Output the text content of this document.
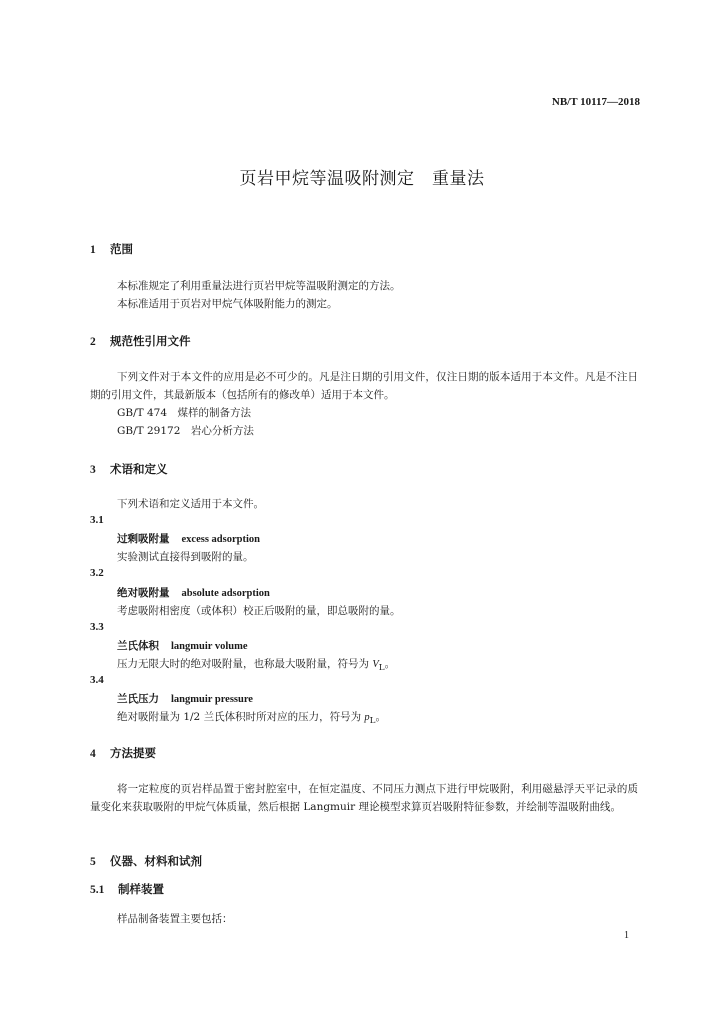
NB/T 10117—2018
页岩甲烷等温吸附测定　重量法
1 范围
本标准规定了利用重量法进行页岩甲烷等温吸附测定的方法。
本标准适用于页岩对甲烷气体吸附能力的测定。
2 规范性引用文件
下列文件对于本文件的应用是必不可少的。凡是注日期的引用文件，仅注日期的版本适用于本文件。凡是不注日期的引用文件，其最新版本（包括所有的修改单）适用于本文件。
GB/T 474　煤样的制备方法
GB/T 29172　岩心分析方法
3 术语和定义
下列术语和定义适用于本文件。
3.1
过剩吸附量 excess adsorption
实验测试直接得到吸附的量。
3.2
绝对吸附量 absolute adsorption
考虑吸附相密度（或体积）校正后吸附的量，即总吸附的量。
3.3
兰氏体积 langmuir volume
压力无限大时的绝对吸附量，也称最大吸附量，符号为 $V_L$。
3.4
兰氏压力 langmuir pressure
绝对吸附量为 1/2 兰氏体积时所对应的压力，符号为 $p_L$。
4 方法提要
将一定粒度的页岩样品置于密封腔室中，在恒定温度、不同压力测点下进行甲烷吸附，利用磁悬浮天平记录的质量变化来获取吸附的甲烷气体质量，然后根据 Langmuir 理论模型求算页岩吸附特征参数，并绘制等温吸附曲线。
5 仪器、材料和试剂
5.1 制样装置
样品制备装置主要包括：
1
